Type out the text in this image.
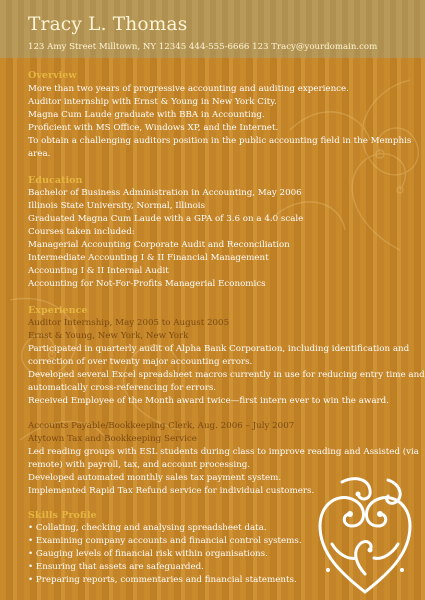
Tracy L. Thomas

123 Amy Street Milltown, NY 12345 444-555-6666 123 Tracy@yourdomain.com

Overview
More than two years of progressive accounting and auditing experience.
Auditor internship with Ernst & Young in New York City.
Magna Cum Laude graduate with BBA in Accounting.
Proficient with MS Office, Windows XP, and the Internet.
To obtain a challenging auditors position in the public accounting field in the Memphis
area.
Education
Bachelor of Business Administration in Accounting, May 2006
Illinois State University, Normal, Illinois
Graduated Magna Cum Laude with a GPA of 3.6 on a 4.0 scale
Courses taken included:
Managerial Accounting Corporate Audit and Reconciliation
Intermediate Accounting I & II Financial Management
Accounting I & II Internal Audit
Accounting for Not-For-Profits Managerial Economics
Experience
Auditor Internship, May 2005 to August 2005
Ernst & Young, New York, New York
Participated in quarterly audit of Alpha Bank Corporation, including identification and
correction of over twenty major accounting errors.
Developed several Excel spreadsheet macros currently in use for reducing entry time and
automatically cross-referencing for errors.
Received Employee of the Month award twice—first intern ever to win the award.
Accounts Payable/Bookkeeping Clerk, Aug. 2006 – July 2007
Atytown Tax and Bookkeeping Service
Led reading groups with ESL students during class to improve reading and Assisted (via
remote) with payroll, tax, and account processing.
Developed automated monthly sales tax payment system.
Implemented Rapid Tax Refund service for individual customers.
Skills Profile
• Collating, checking and analysing spreadsheet data.
• Examining company accounts and financial control systems.
• Gauging levels of financial risk within organisations.
• Ensuring that assets are safeguarded.
• Preparing reports, commentaries and financial statements.
